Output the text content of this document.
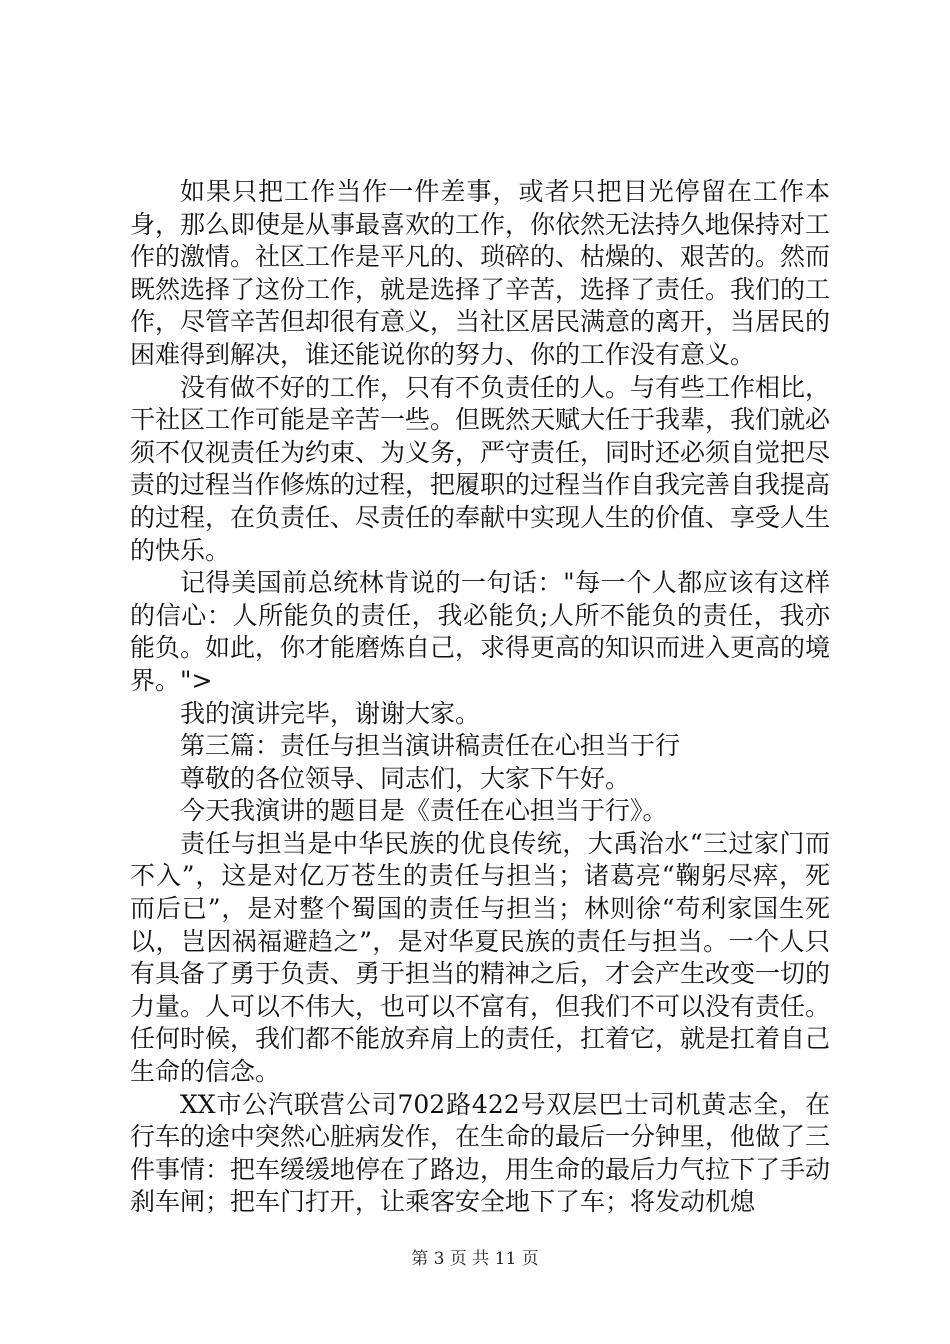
如果只把工作当作一件差事，或者只把目光停留在工作本身，那么即使是从事最喜欢的工作，你依然无法持久地保持对工作的激情。社区工作是平凡的、琐碎的、枯燥的、艰苦的。然而既然选择了这份工作，就是选择了辛苦，选择了责任。我们的工作，尽管辛苦但却很有意义，当社区居民满意的离开，当居民的困难得到解决，谁还能说你的努力、你的工作没有意义。

没有做不好的工作，只有不负责任的人。与有些工作相比，干社区工作可能是辛苦一些。但既然天赋大任于我辈，我们就必须不仅视责任为约束、为义务，严守责任，同时还必须自觉把尽责的过程当作修炼的过程，把履职的过程当作自我完善自我提高的过程，在负责任、尽责任的奉献中实现人生的价值、享受人生的快乐。

记得美国前总统林肯说的一句话："每一个人都应该有这样的信心：人所能负的责任，我必能负;人所不能负的责任，我亦能负。如此，你才能磨炼自己，求得更高的知识而进入更高的境界。">

我的演讲完毕，谢谢大家。

第三篇：责任与担当演讲稿责任在心担当于行

尊敬的各位领导、同志们，大家下午好。

今天我演讲的题目是《责任在心担当于行》。

责任与担当是中华民族的优良传统，大禹治水“三过家门而不入”，这是对亿万苍生的责任与担当；诸葛亮“鞠躬尽瘁，死而后已”，是对整个蜀国的责任与担当；林则徐“苟利家国生死以，岂因祸福避趋之”，是对华夏民族的责任与担当。一个人只有具备了勇于负责、勇于担当的精神之后，才会产生改变一切的力量。人可以不伟大，也可以不富有，但我们不可以没有责任。任何时候，我们都不能放弃肩上的责任，扛着它，就是扛着自己生命的信念。

XX市公汽联营公司702路422号双层巴士司机黄志全，在行车的途中突然心脏病发作，在生命的最后一分钟里，他做了三件事情：把车缓缓地停在了路边，用生命的最后力气拉下了手动刹车闸；把车门打开，让乘客安全地下了车；将发动机熄

第 3 页 共 11 页
